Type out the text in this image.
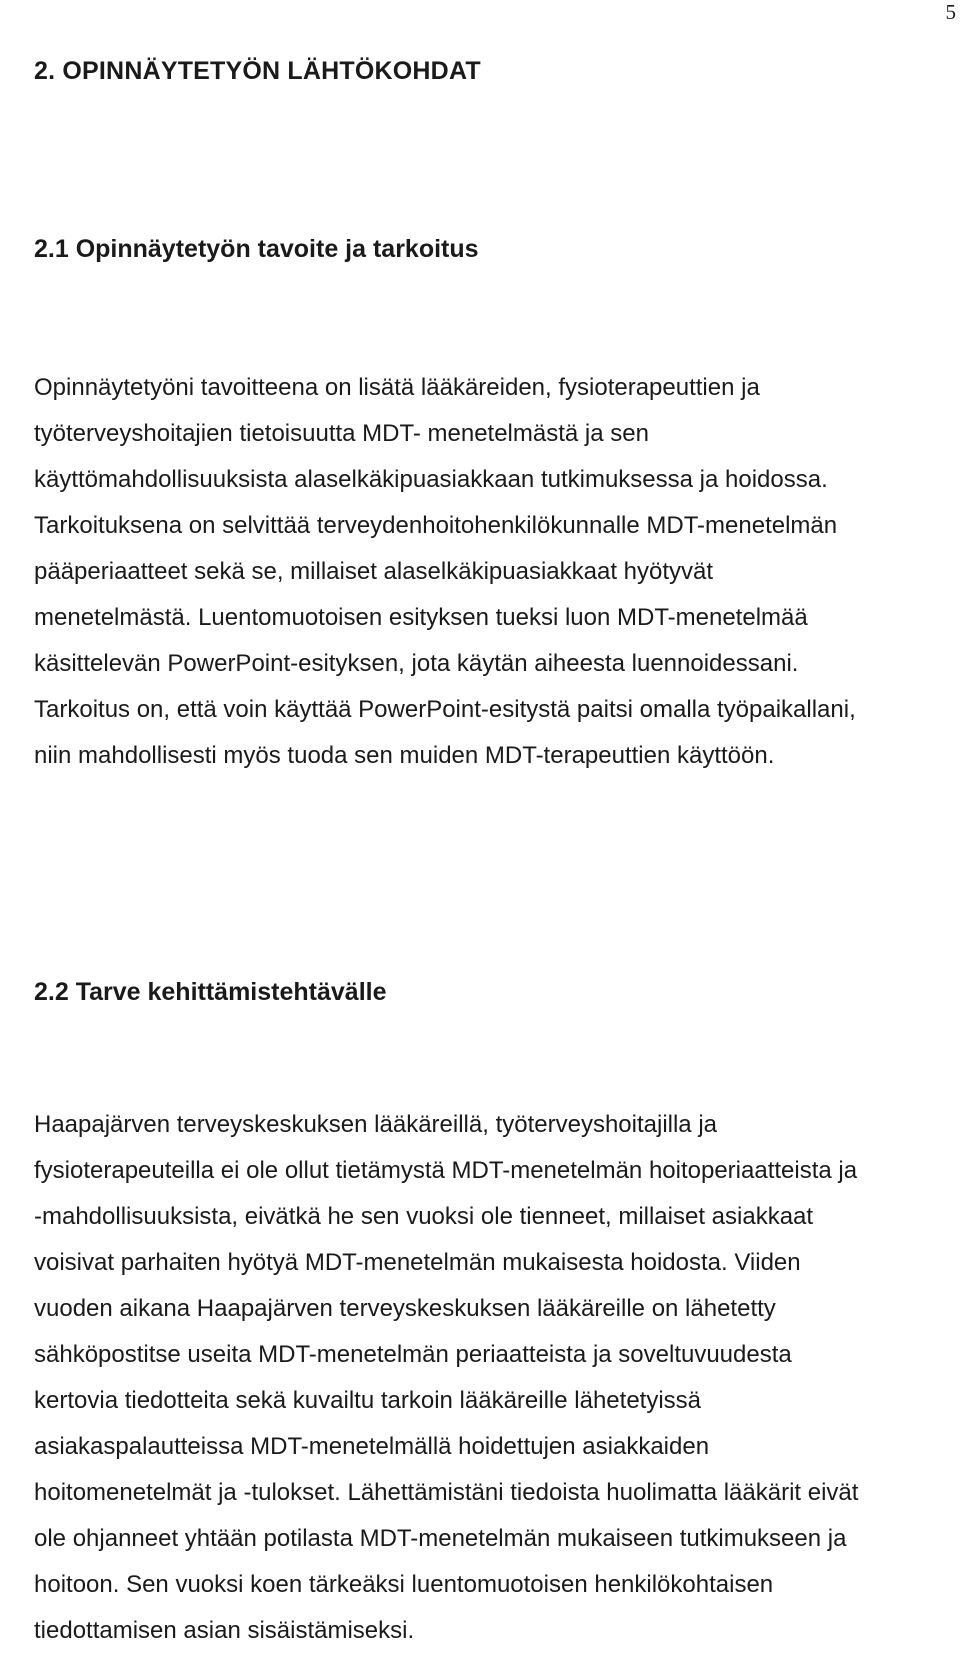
5
2. OPINNÄYTETYÖN LÄHTÖKOHDAT
2.1 Opinnäytetyön tavoite ja tarkoitus

Opinnäytetyöni tavoitteena on lisätä lääkäreiden, fysioterapeuttien ja
työterveyshoitajien tietoisuutta MDT- menetelmästä ja sen
käyttömahdollisuuksista alaselkäkipuasiakkaan tutkimuksessa ja hoidossa.
Tarkoituksena on selvittää terveydenhoitohenkilökunnalle MDT-menetelmän
pääperiaatteet sekä se, millaiset alaselkäkipuasiakkaat hyötyvät
menetelmästä. Luentomuotoisen esityksen tueksi luon MDT-menetelmää
käsittelevän PowerPoint-esityksen, jota käytän aiheesta luennoidessani.
Tarkoitus on, että voin käyttää PowerPoint-esitystä paitsi omalla työpaikallani,
niin mahdollisesti myös tuoda sen muiden MDT-terapeuttien käyttöön.

2.2 Tarve kehittämistehtävälle

Haapajärven terveyskeskuksen lääkäreillä, työterveyshoitajilla ja
fysioterapeuteilla ei ole ollut tietämystä MDT-menetelmän hoitoperiaatteista ja
-mahdollisuuksista, eivätkä he sen vuoksi ole tienneet, millaiset asiakkaat
voisivat parhaiten hyötyä MDT-menetelmän mukaisesta hoidosta. Viiden
vuoden aikana Haapajärven terveyskeskuksen lääkäreille on lähetetty
sähköpostitse useita MDT-menetelmän periaatteista ja soveltuvuudesta
kertovia tiedotteita sekä kuvailtu tarkoin lääkäreille lähetetyissä
asiakaspalautteissa MDT-menetelmällä hoidettujen asiakkaiden
hoitomenetelmät ja -tulokset. Lähettämistäni tiedoista huolimatta lääkärit eivät
ole ohjanneet yhtään potilasta MDT-menetelmän mukaiseen tutkimukseen ja
hoitoon. Sen vuoksi koen tärkeäksi luentomuotoisen henkilökohtaisen
tiedottamisen asian sisäistämiseksi.
